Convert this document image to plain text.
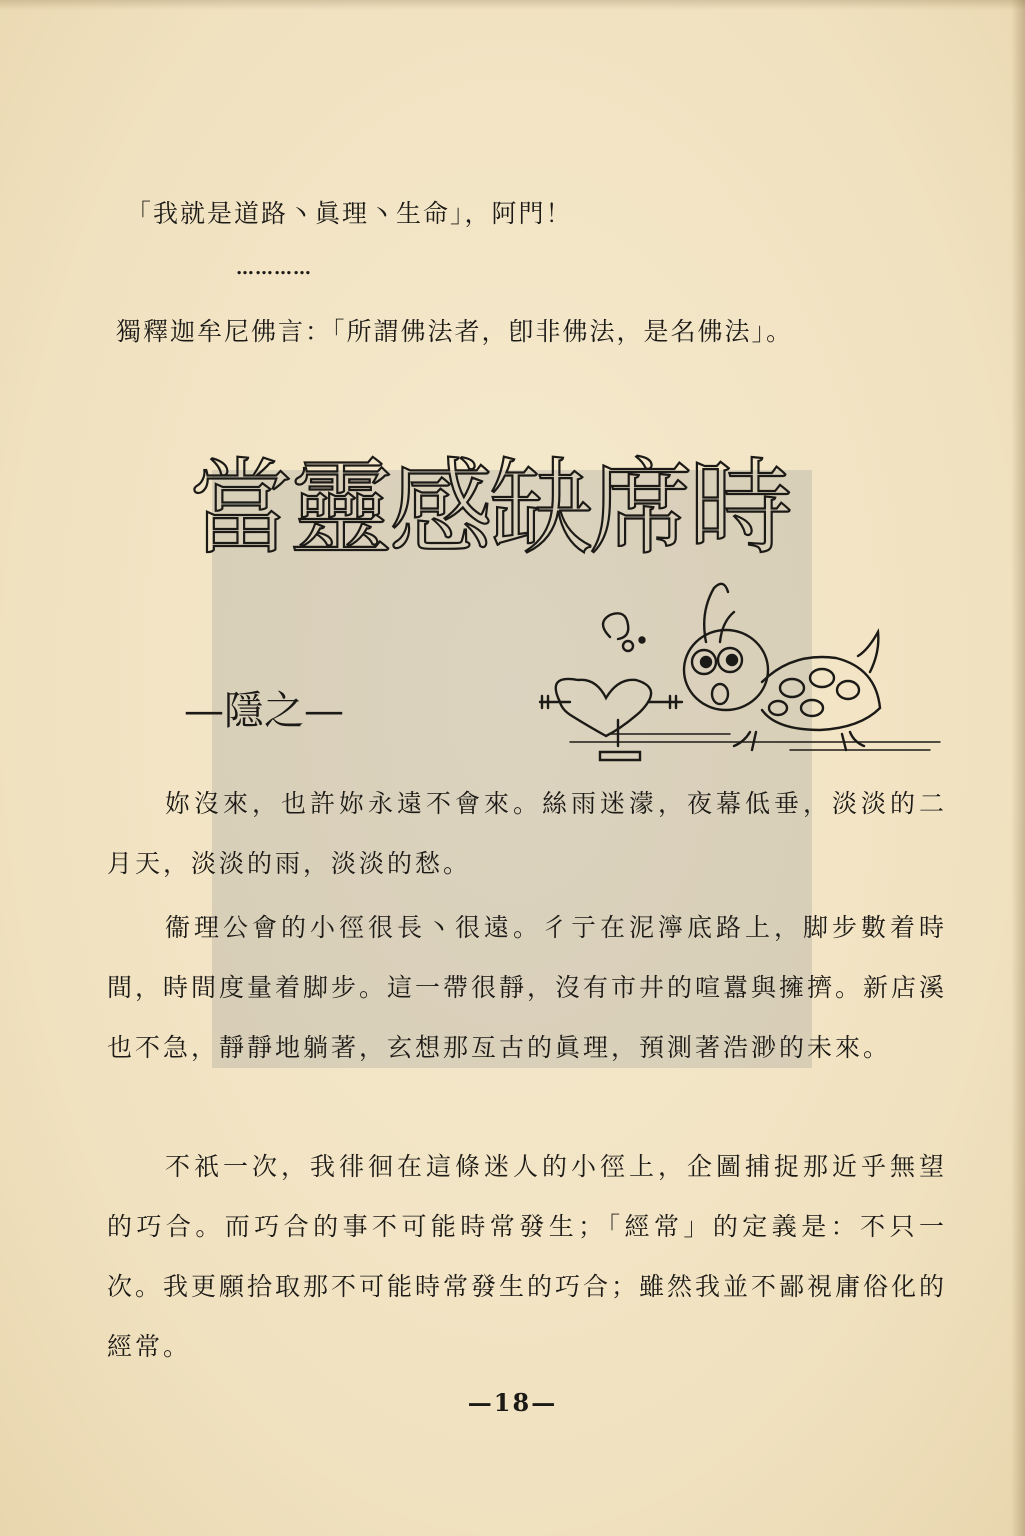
「我就是道路丶眞理丶生命」，阿門！
…………
獨釋迦牟尼佛言：「所謂佛法者，卽非佛法，是名佛法」。
當靈感缺席時
—隱之—
妳沒來，也許妳永遠不會來。絲雨迷濛，夜幕低垂，淡淡的二月天，淡淡的雨，淡淡的愁。
衞理公會的小徑很長丶很遠。彳亍在泥濘底路上，脚步數着時間，時間度量着脚步。這一帶很靜，沒有市井的喧囂與擁擠。新店溪也不急，靜靜地躺著，玄想那亙古的眞理，預測著浩渺的未來。
不祇一次，我徘徊在這條迷人的小徑上，企圖捕捉那近乎無望的巧合。而巧合的事不可能時常發生；「經常」的定義是：不只一次。我更願拾取那不可能時常發生的巧合；雖然我並不鄙視庸俗化的經常。
—18—
